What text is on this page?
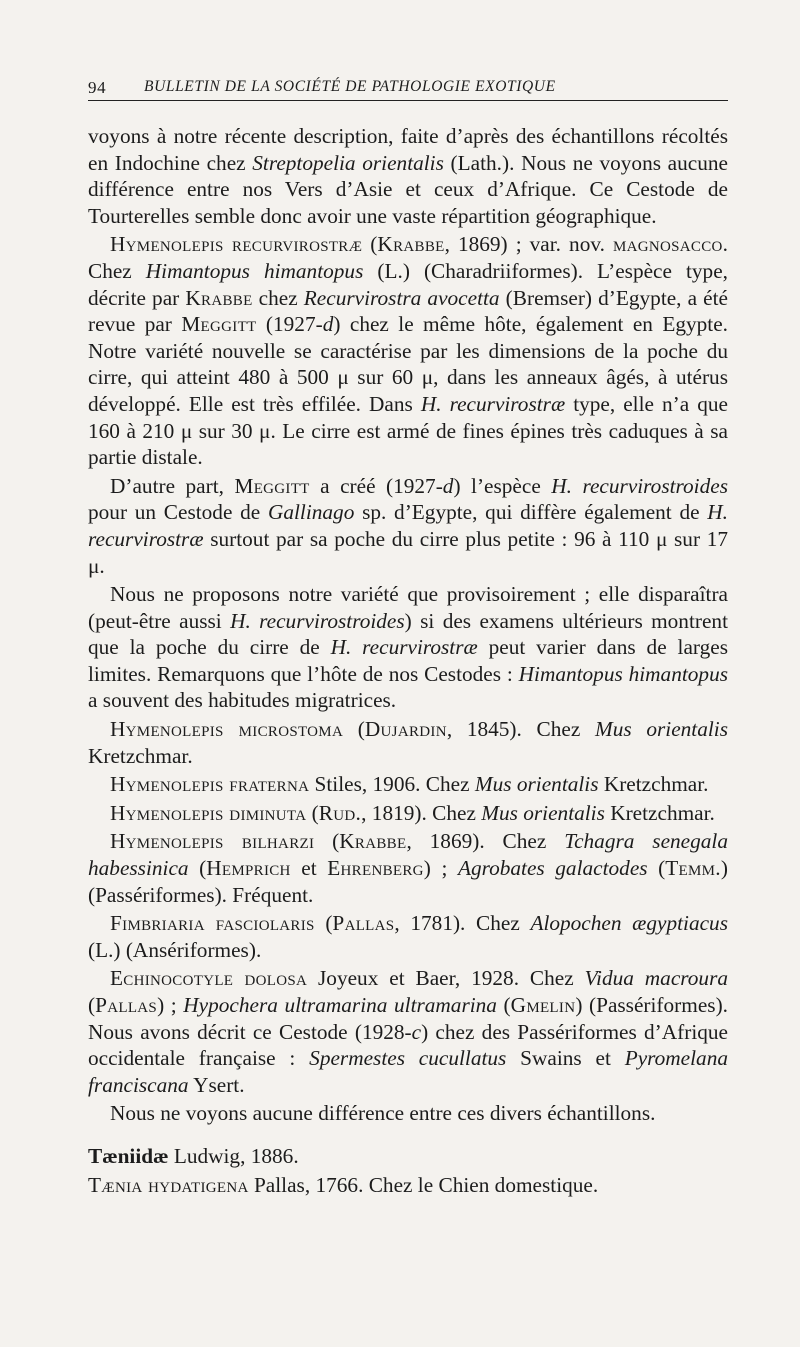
94 BULLETIN DE LA SOCIÉTÉ DE PATHOLOGIE EXOTIQUE

voyons à notre récente description, faite d’après des échantillons récoltés en Indochine chez Streptopelia orientalis (Lath.). Nous ne voyons aucune différence entre nos Vers d’Asie et ceux d’Afrique. Ce Cestode de Tourterelles semble donc avoir une vaste répartition géographique.

Hymenolepis recurvirostræ (Krabbe, 1869) ; var. nov. magnosacco. Chez Himantopus himantopus (L.) (Charadriiformes). L’espèce type, décrite par Krabbe chez Recurvirostra avocetta (Bremser) d’Egypte, a été revue par Meggitt (1927-d) chez le même hôte, également en Egypte. Notre variété nouvelle se caractérise par les dimensions de la poche du cirre, qui atteint 480 à 500 μ sur 60 μ, dans les anneaux âgés, à utérus développé. Elle est très effilée. Dans H. recurvirostræ type, elle n’a que 160 à 210 μ sur 30 μ. Le cirre est armé de fines épines très caduques à sa partie distale.

D’autre part, Meggitt a créé (1927-d) l’espèce H. recurvirostroides pour un Cestode de Gallinago sp. d’Egypte, qui diffère également de H. recurvirostræ surtout par sa poche du cirre plus petite : 96 à 110 μ sur 17 μ.

Nous ne proposons notre variété que provisoirement ; elle disparaîtra (peut-être aussi H. recurvirostroides) si des examens ultérieurs montrent que la poche du cirre de H. recurvirostræ peut varier dans de larges limites. Remarquons que l’hôte de nos Cestodes : Himantopus himantopus a souvent des habitudes migratrices.

Hymenolepis microstoma (Dujardin, 1845). Chez Mus orientalis Kretzchmar.

Hymenolepis fraterna Stiles, 1906. Chez Mus orientalis Kretzchmar.

Hymenolepis diminuta (Rud., 1819). Chez Mus orientalis Kretzchmar.

Hymenolepis bilharzi (Krabbe, 1869). Chez Tchagra senegala habessinica (Hemprich et Ehrenberg) ; Agrobates galactodes (Temm.) (Passériformes). Fréquent.

Fimbriaria fasciolaris (Pallas, 1781). Chez Alopochen ægyptiacus (L.) (Ansériformes).

Echinocotyle dolosa Joyeux et Baer, 1928. Chez Vidua macroura (Pallas) ; Hypochera ultramarina ultramarina (Gmelin) (Passériformes). Nous avons décrit ce Cestode (1928-c) chez des Passériformes d’Afrique occidentale française : Spermestes cucullatus Swains et Pyromelana franciscana Ysert.

Nous ne voyons aucune différence entre ces divers échantillons.

Tæniidæ Ludwig, 1886.

Tænia hydatigena Pallas, 1766. Chez le Chien domestique.
